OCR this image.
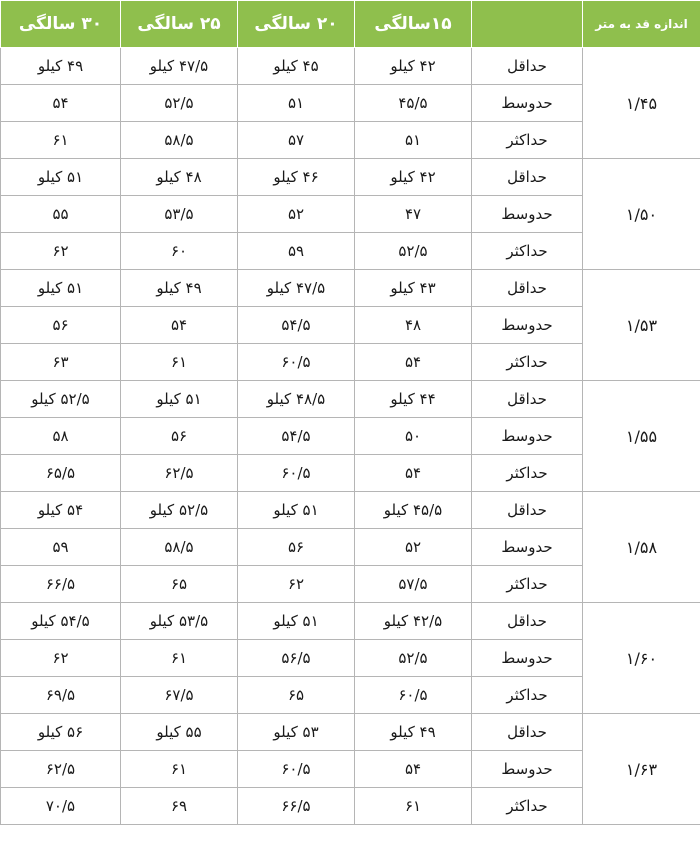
اندازه قد به متر		۱۵سالگی	۲۰ سالگی	۲۵ سالگی	۳۰ سالگی
۱/۴۵	حداقل	۴۲ کیلو	۴۵ کیلو	۴۷/۵ کیلو	۴۹ کیلو
	حدوسط	۴۵/۵	۵۱	۵۲/۵	۵۴
	حداکثر	۵۱	۵۷	۵۸/۵	۶۱
۱/۵۰	حداقل	۴۲ کیلو	۴۶ کیلو	۴۸ کیلو	۵۱ کیلو
	حدوسط	۴۷	۵۲	۵۳/۵	۵۵
	حداکثر	۵۲/۵	۵۹	۶۰	۶۲
۱/۵۳	حداقل	۴۳ کیلو	۴۷/۵ کیلو	۴۹ کیلو	۵۱ کیلو
	حدوسط	۴۸	۵۴/۵	۵۴	۵۶
	حداکثر	۵۴	۶۰/۵	۶۱	۶۳
۱/۵۵	حداقل	۴۴ کیلو	۴۸/۵ کیلو	۵۱ کیلو	۵۲/۵ کیلو
	حدوسط	۵۰	۵۴/۵	۵۶	۵۸
	حداکثر	۵۴	۶۰/۵	۶۲/۵	۶۵/۵
۱/۵۸	حداقل	۴۵/۵ کیلو	۵۱ کیلو	۵۲/۵ کیلو	۵۴ کیلو
	حدوسط	۵۲	۵۶	۵۸/۵	۵۹
	حداکثر	۵۷/۵	۶۲	۶۵	۶۶/۵
۱/۶۰	حداقل	۴۲/۵ کیلو	۵۱ کیلو	۵۳/۵ کیلو	۵۴/۵ کیلو
	حدوسط	۵۲/۵	۵۶/۵	۶۱	۶۲
	حداکثر	۶۰/۵	۶۵	۶۷/۵	۶۹/۵
۱/۶۳	حداقل	۴۹ کیلو	۵۳ کیلو	۵۵ کیلو	۵۶ کیلو
	حدوسط	۵۴	۶۰/۵	۶۱	۶۲/۵
	حداکثر	۶۱	۶۶/۵	۶۹	۷۰/۵
